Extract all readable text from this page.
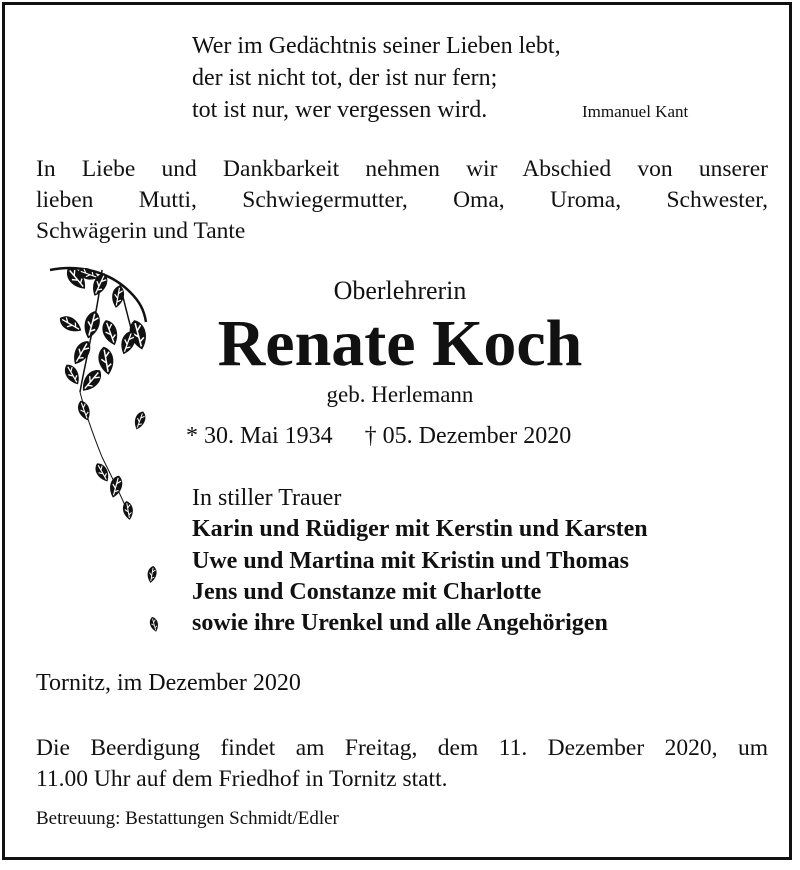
Wer im Gedächtnis seiner Lieben lebt,
der ist nicht tot, der ist nur fern;
tot ist nur, wer vergessen wird.	Immanuel Kant
In Liebe und Dankbarkeit nehmen wir Abschied von unserer
lieben Mutti, Schwiegermutter, Oma, Uroma, Schwester,
Schwägerin und Tante
Oberlehrerin
Renate Koch
geb. Herlemann
* 30. Mai 1934 † 05. Dezember 2020
In stiller Trauer
Karin und Rüdiger mit Kerstin und Karsten
Uwe und Martina mit Kristin und Thomas
Jens und Constanze mit Charlotte
sowie ihre Urenkel und alle Angehörigen
Tornitz, im Dezember 2020
Die Beerdigung findet am Freitag, dem 11. Dezember 2020, um
11.00 Uhr auf dem Friedhof in Tornitz statt.
Betreuung: Bestattungen Schmidt/Edler
